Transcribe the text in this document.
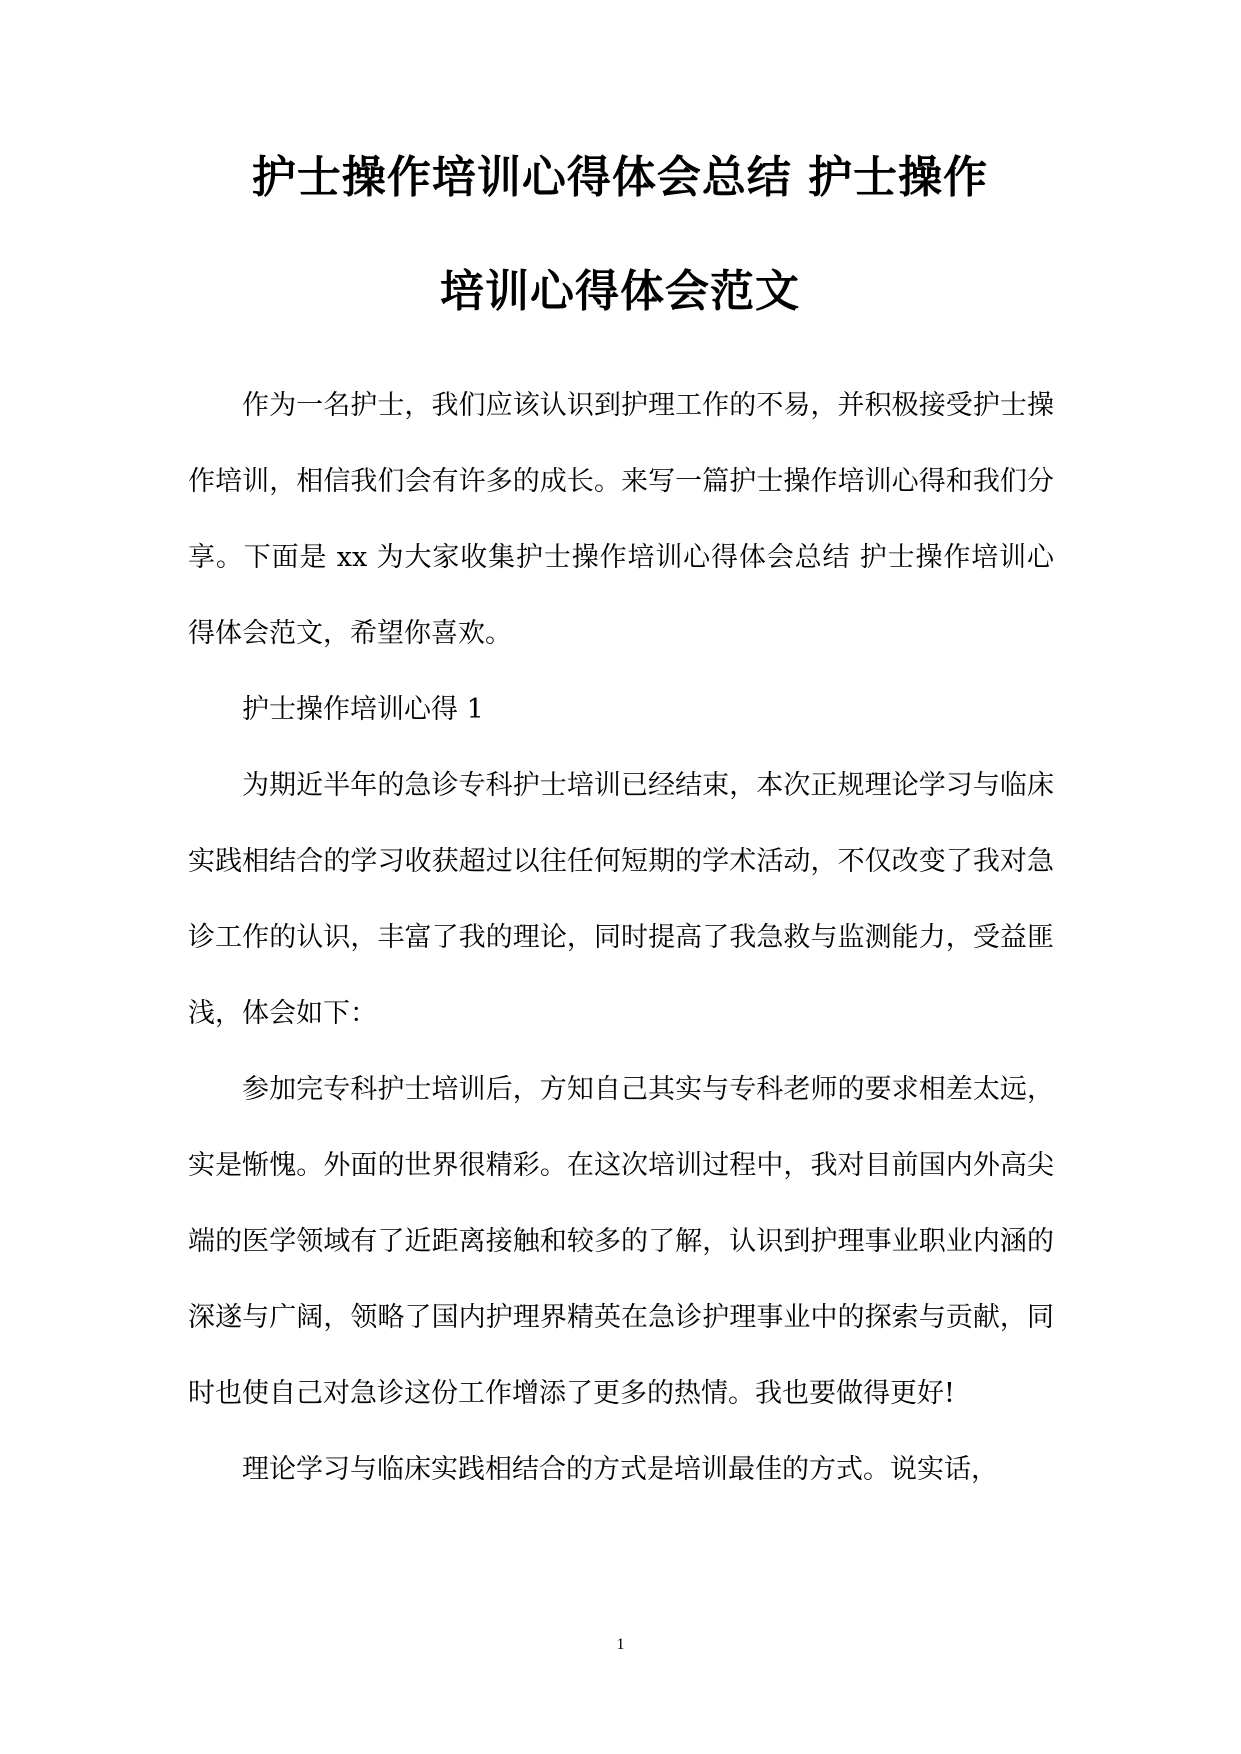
护士操作培训心得体会总结 护士操作
培训心得体会范文

作为一名护士，我们应该认识到护理工作的不易，并积极接受护士操作培训，相信我们会有许多的成长。来写一篇护士操作培训心得和我们分享。下面是 xx 为大家收集护士操作培训心得体会总结 护士操作培训心得体会范文，希望你喜欢。

护士操作培训心得 1

为期近半年的急诊专科护士培训已经结束，本次正规理论学习与临床实践相结合的学习收获超过以往任何短期的学术活动，不仅改变了我对急诊工作的认识，丰富了我的理论，同时提高了我急救与监测能力，受益匪浅，体会如下：

参加完专科护士培训后，方知自己其实与专科老师的要求相差太远，实是惭愧。外面的世界很精彩。在这次培训过程中，我对目前国内外高尖端的医学领域有了近距离接触和较多的了解，认识到护理事业职业内涵的深遂与广阔，领略了国内护理界精英在急诊护理事业中的探索与贡献，同时也使自己对急诊这份工作增添了更多的热情。我也要做得更好!

理论学习与临床实践相结合的方式是培训最佳的方式。说实话，

1
